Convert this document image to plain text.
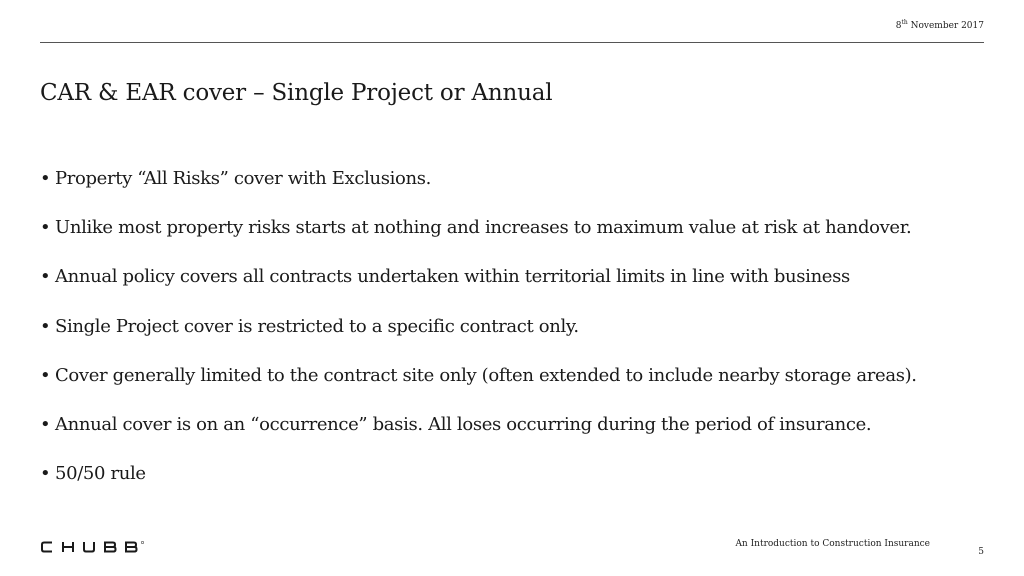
8th November 2017
CAR & EAR cover – Single Project or Annual
• Property “All Risks” cover with Exclusions.
• Unlike most property risks starts at nothing and increases to maximum value at risk at handover.
• Annual policy covers all contracts undertaken within territorial limits in line with business
• Single Project cover is restricted to a specific contract only.
• Cover generally limited to the contract site only (often extended to include nearby storage areas).
• Annual cover is on an “occurrence” basis. All loses occurring during the period of insurance.
• 50/50 rule
An Introduction to Construction Insurance
5
